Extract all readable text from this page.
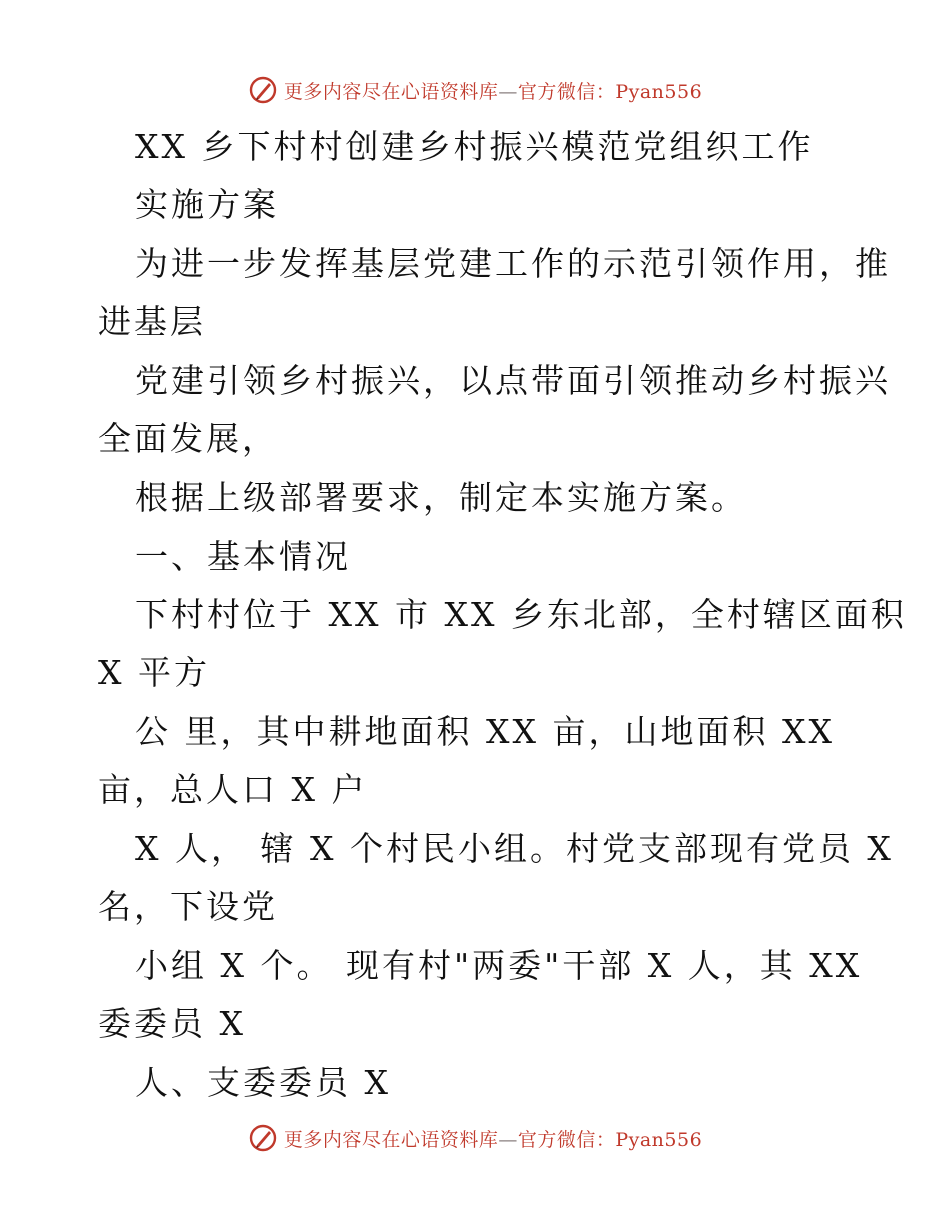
更多内容尽在心语资料库—官方微信：Pyan556
XX 乡下村村创建乡村振兴模范党组织工作
实施方案
为进一步发挥基层党建工作的示范引领作用，推
进基层
党建引领乡村振兴，以点带面引领推动乡村振兴
全面发展，
根据上级部署要求，制定本实施方案。
一、基本情况
下村村位于 XX 市 XX 乡东北部，全村辖区面积
X 平方
公 里，其中耕地面积 XX 亩，山地面积 XX
亩，总人口 X 户
X 人， 辖 X 个村民小组。村党支部现有党员 X
名，下设党
小组 X 个。 现有村"两委"干部 X 人，其 XX
委委员 X
人、支委委员 X
更多内容尽在心语资料库—官方微信：Pyan556
